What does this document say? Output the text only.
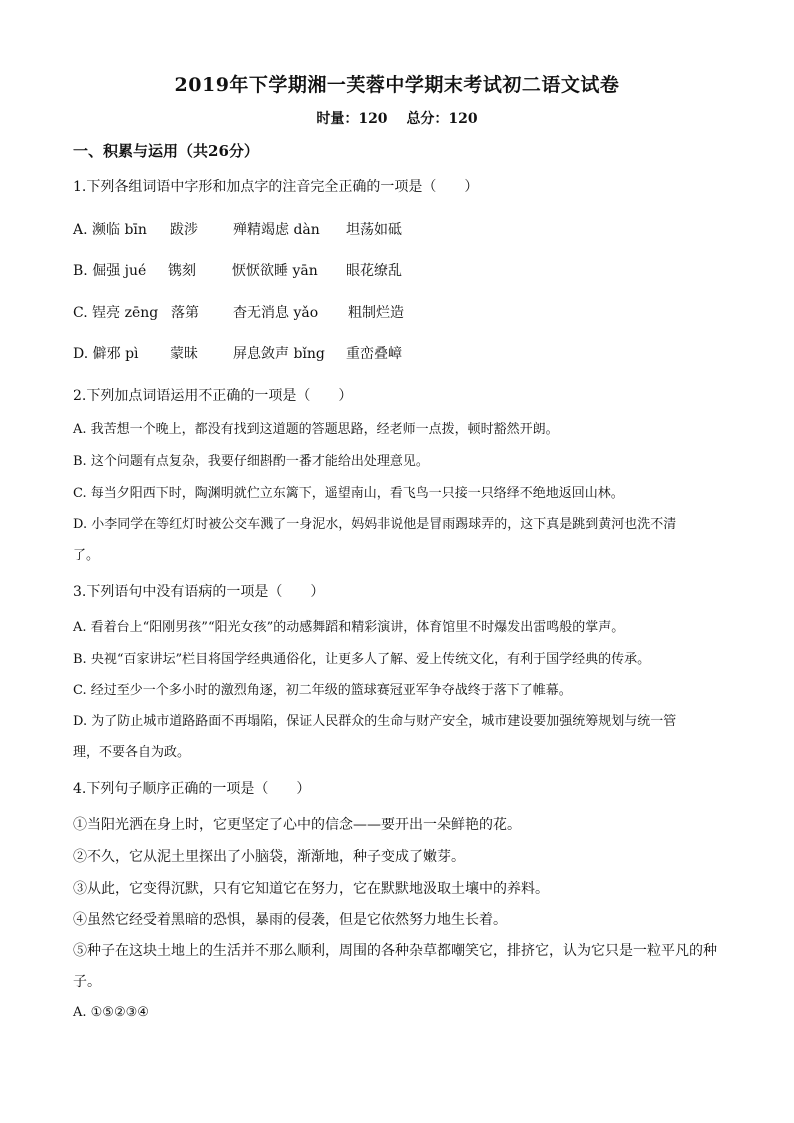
2019年下学期湘一芙蓉中学期末考试初二语文试卷
时量：120 总分：120
一、积累与运用（共26分）
1.下列各组词语中字形和加点字的注音完全正确的一项是（　　）
A. 濒临 bīn 跋涉	殚精竭虑 dàn 坦荡如砥
B. 倔强 jué 镌刻	恹恹欲睡 yān 眼花缭乱
C. 锃亮 zēng 落第 杳无消息 yǎo 粗制烂造
D. 僻邪 pì 蒙昧	屏息敛声 bǐng 重峦叠嶂
2.下列加点词语运用不正确的一项是（　　）
A. 我苦想一个晚上，都没有找到这道题的答题思路，经老师一点拨，顿时豁然开朗。
B. 这个问题有点复杂，我要仔细斟酌一番才能给出处理意见。
C. 每当夕阳西下时，陶渊明就伫立东篱下，遥望南山，看飞鸟一只接一只络绎不绝地返回山林。
D. 小李同学在等红灯时被公交车溅了一身泥水，妈妈非说他是冒雨踢球弄的，这下真是跳到黄河也洗不清
了。
3.下列语句中没有语病的一项是（　　）
A. 看着台上“阳刚男孩”“阳光女孩”的动感舞蹈和精彩演讲，体育馆里不时爆发出雷鸣般的掌声。
B. 央视“百家讲坛”栏目将国学经典通俗化，让更多人了解、爱上传统文化，有利于国学经典的传承。
C. 经过至少一个多小时的激烈角逐，初二年级的篮球赛冠亚军争夺战终于落下了帷幕。
D. 为了防止城市道路路面不再塌陷，保证人民群众的生命与财产安全，城市建设要加强统筹规划与统一管
理，不要各自为政。
4.下列句子顺序正确的一项是（　　）
①当阳光洒在身上时，它更坚定了心中的信念——要开出一朵鲜艳的花。
②不久，它从泥土里探出了小脑袋，渐渐地，种子变成了嫩芽。
③从此，它变得沉默，只有它知道它在努力，它在默默地汲取土壤中的养料。
④虽然它经受着黑暗的恐惧，暴雨的侵袭，但是它依然努力地生长着。
⑤种子在这块土地上的生活并不那么顺利，周围的各种杂草都嘲笑它，排挤它，认为它只是一粒平凡的种
子。
A. ①⑤②③④
